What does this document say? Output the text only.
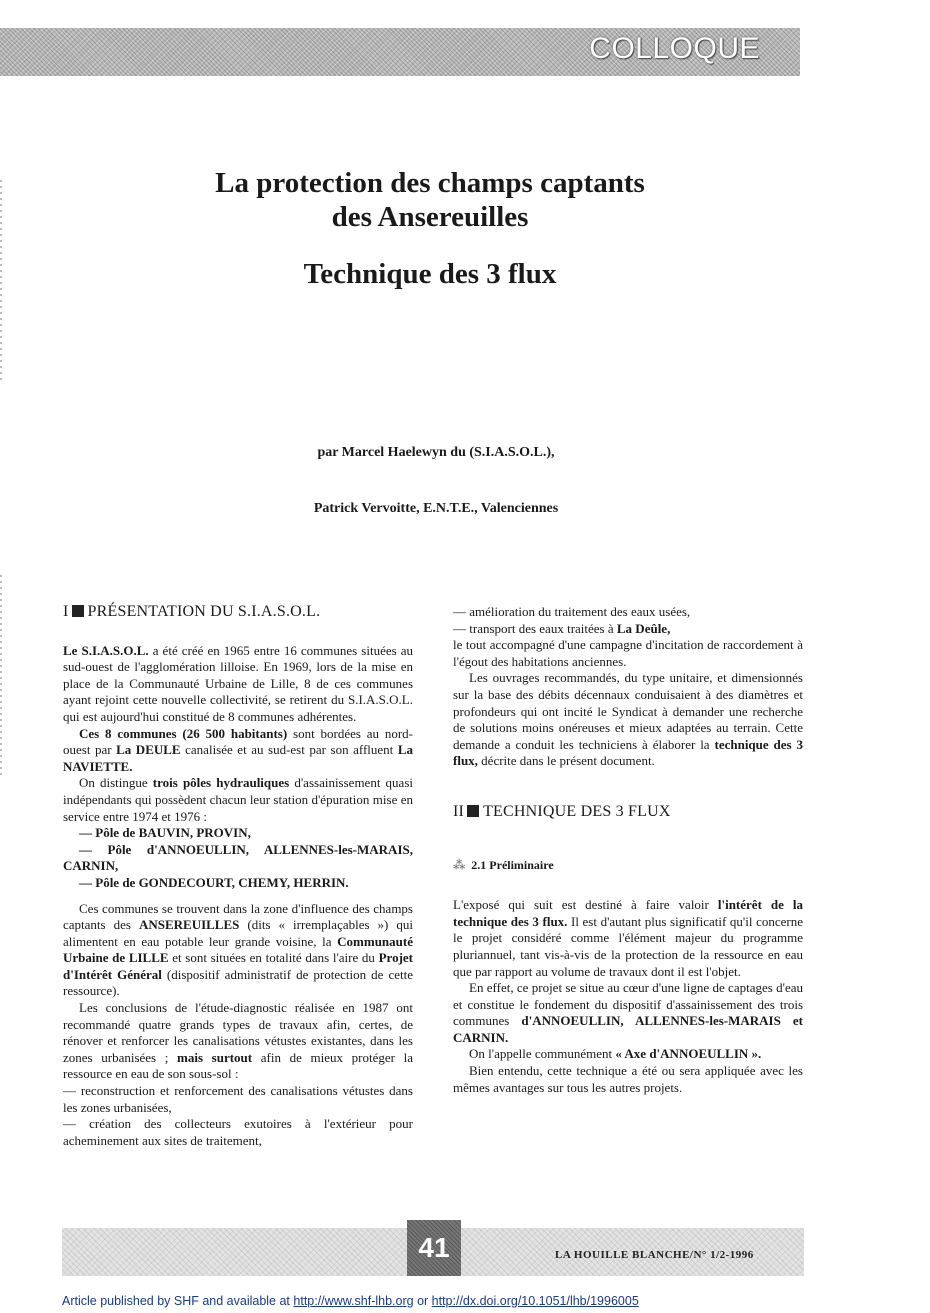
COLLOQUE
La protection des champs captants
des Ansereuilles
Technique des 3 flux
par Marcel Haelewyn du (S.I.A.S.O.L.),
Patrick Vervoitte, E.N.T.E., Valenciennes
I PRÉSENTATION DU S.I.A.S.O.L.

Le S.I.A.S.O.L. a été créé en 1965 entre 16 communes situées au sud-ouest de l'agglomération lilloise. En 1969, lors de la mise en place de la Communauté Urbaine de Lille, 8 de ces communes ayant rejoint cette nouvelle collectivité, se retirent du S.I.A.S.O.L. qui est aujourd'hui constitué de 8 communes adhérentes.

Ces 8 communes (26 500 habitants) sont bordées au nord-ouest par La DEULE canalisée et au sud-est par son affluent La NAVIETTE.

On distingue trois pôles hydrauliques d'assainissement quasi indépendants qui possèdent chacun leur station d'épuration mise en service entre 1974 et 1976 :

— Pôle de BAUVIN, PROVIN,

— Pôle d'ANNOEULLIN, ALLENNES-les-MARAIS, CARNIN,

— Pôle de GONDECOURT, CHEMY, HERRIN.

Ces communes se trouvent dans la zone d'influence des champs captants des ANSEREUILLES (dits « irremplaçables ») qui alimentent en eau potable leur grande voisine, la Communauté Urbaine de LILLE et sont situées en totalité dans l'aire du Projet d'Intérêt Général (dispositif administratif de protection de cette ressource).

Les conclusions de l'étude-diagnostic réalisée en 1987 ont recommandé quatre grands types de travaux afin, certes, de rénover et renforcer les canalisations vétustes existantes, dans les zones urbanisées ; mais surtout afin de mieux protéger la ressource en eau de son sous-sol :

— reconstruction et renforcement des canalisations vétustes dans les zones urbanisées,

— création des collecteurs exutoires à l'extérieur pour acheminement aux sites de traitement,

— amélioration du traitement des eaux usées,

— transport des eaux traitées à La Deûle,

le tout accompagné d'une campagne d'incitation de raccordement à l'égout des habitations anciennes.

Les ouvrages recommandés, du type unitaire, et dimensionnés sur la base des débits décennaux conduisaient à des diamètres et profondeurs qui ont incité le Syndicat à demander une recherche de solutions moins onéreuses et mieux adaptées au terrain. Cette demande a conduit les techniciens à élaborer la technique des 3 flux, décrite dans le présent document.

II TECHNIQUE DES 3 FLUX
⁂ 2.1 Préliminaire

L'exposé qui suit est destiné à faire valoir l'intérêt de la technique des 3 flux. Il est d'autant plus significatif qu'il concerne le projet considéré comme l'élément majeur du programme pluriannuel, tant vis-à-vis de la protection de la ressource en eau que par rapport au volume de travaux dont il est l'objet.

En effet, ce projet se situe au cœur d'une ligne de captages d'eau et constitue le fondement du dispositif d'assainissement des trois communes d'ANNOEULLIN, ALLENNES-les-MARAIS et CARNIN.

On l'appelle communément « Axe d'ANNOEULLIN ».

Bien entendu, cette technique a été ou sera appliquée avec les mêmes avantages sur tous les autres projets.

41	LA HOUILLE BLANCHE/N° 1/2-1996
Article published by SHF and available at http://www.shf-lhb.org or http://dx.doi.org/10.1051/lhb/1996005
